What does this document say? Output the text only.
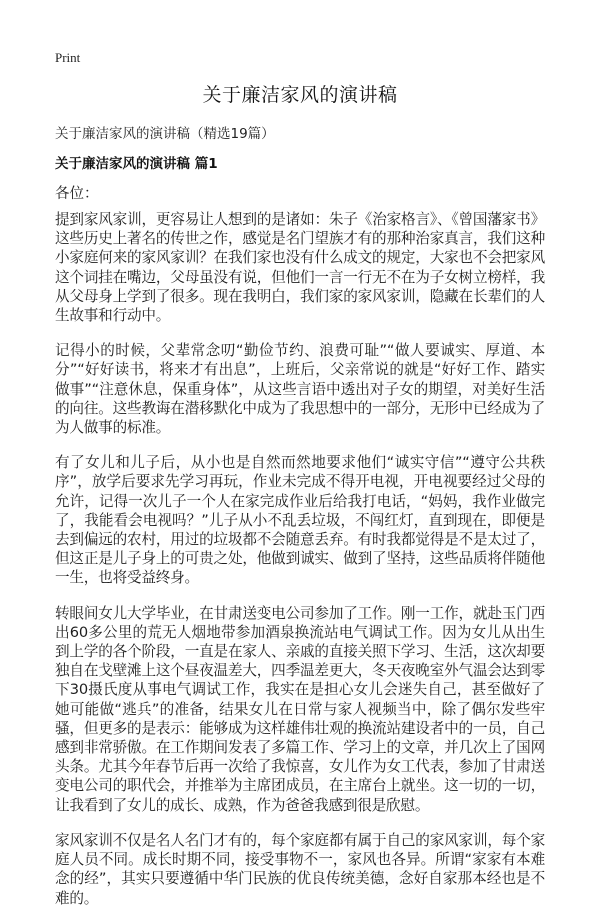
Print
关于廉洁家风的演讲稿
关于廉洁家风的演讲稿（精选19篇）
关于廉洁家风的演讲稿 篇1
各位：

提到家风家训，更容易让人想到的是诸如：朱子《治家格言》、《曾国藩家书》这些历史上著名的传世之作，感觉是名门望族才有的那种治家真言，我们这种小家庭何来的家风家训？在我们家也没有什么成文的规定，大家也不会把家风这个词挂在嘴边，父母虽没有说，但他们一言一行无不在为子女树立榜样，我从父母身上学到了很多。现在我明白，我们家的家风家训，隐藏在长辈们的人生故事和行动中。

记得小的时候，父辈常念叨“勤俭节约、浪费可耻”“做人要诚实、厚道、本分”“好好读书，将来才有出息”，上班后，父亲常说的就是“好好工作、踏实做事”“注意休息，保重身体”，从这些言语中透出对子女的期望，对美好生活的向往。这些教诲在潜移默化中成为了我思想中的一部分，无形中已经成为了为人做事的标准。

有了女儿和儿子后，从小也是自然而然地要求他们“诚实守信”“遵守公共秩序”，放学后要求先学习再玩，作业未完成不得开电视，开电视要经过父母的允许，记得一次儿子一个人在家完成作业后给我打电话，“妈妈，我作业做完了，我能看会电视吗？”儿子从小不乱丢垃圾，不闯红灯，直到现在，即便是去到偏远的农村，用过的垃圾都不会随意丢弃。有时我都觉得是不是太过了，但这正是儿子身上的可贵之处，他做到诚实、做到了坚持，这些品质将伴随他一生，也将受益终身。

转眼间女儿大学毕业，在甘肃送变电公司参加了工作。刚一工作，就赴玉门西出60多公里的荒无人烟地带参加酒泉换流站电气调试工作。因为女儿从出生到上学的各个阶段，一直是在家人、亲戚的直接关照下学习、生活，这次却要独自在戈壁滩上这个昼夜温差大，四季温差更大，冬天夜晚室外气温会达到零下30摄氏度从事电气调试工作，我实在是担心女儿会迷失自己，甚至做好了她可能做“逃兵”的准备，结果女儿在日常与家人视频当中，除了偶尔发些牢骚，但更多的是表示：能够成为这样雄伟壮观的换流站建设者中的一员，自己感到非常骄傲。在工作期间发表了多篇工作、学习上的文章，并几次上了国网头条。尤其今年春节后再一次给了我惊喜，女儿作为女工代表，参加了甘肃送变电公司的职代会，并推举为主席团成员，在主席台上就坐。这一切的一切，让我看到了女儿的成长、成熟，作为爸爸我感到很是欣慰。

家风家训不仅是名人名门才有的，每个家庭都有属于自己的家风家训，每个家庭人员不同。成长时期不同，接受事物不一，家风也各异。所谓“家家有本难念的经”，其实只要遵循中华门民族的优良传统美德，念好自家那本经也是不难的。
